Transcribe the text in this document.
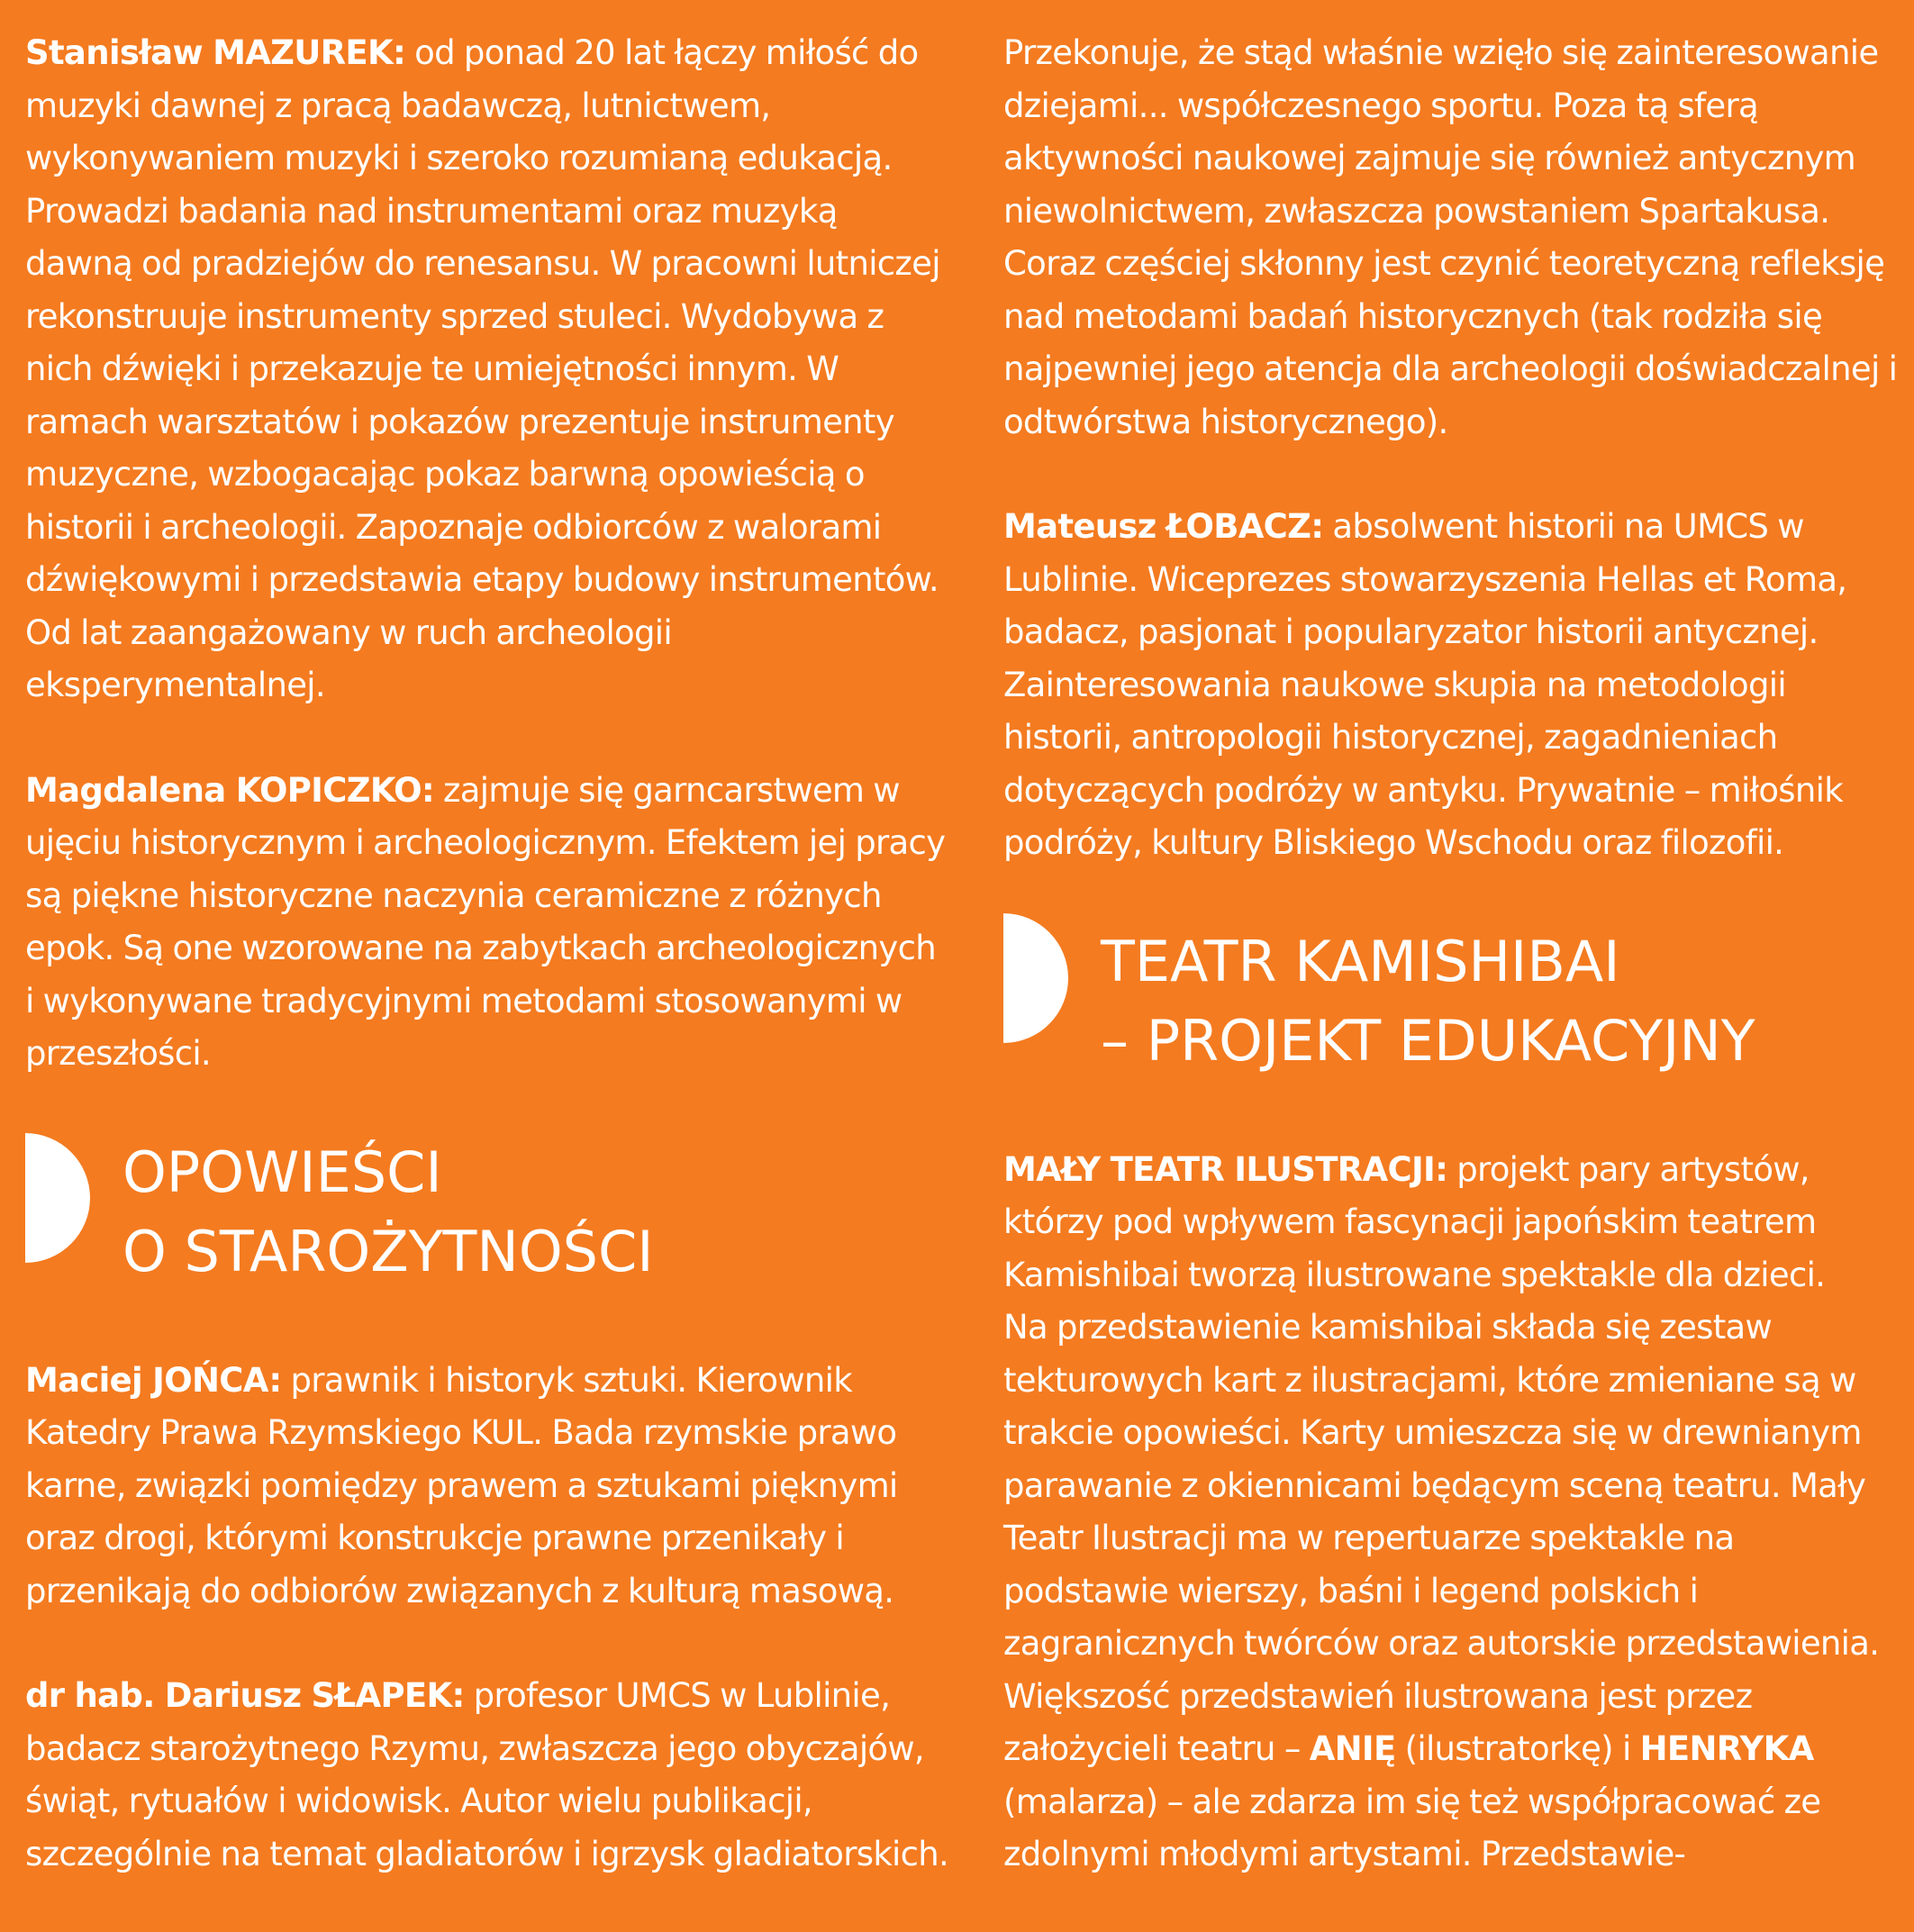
Stanisław MAZUREK: od ponad 20 lat łączy miłość do muzyki dawnej z pracą badawczą, lutnictwem, wykonywaniem muzyki i szeroko rozumianą edukacją. Prowadzi badania nad instrumentami oraz muzyką dawną od pradziejów do renesansu. W pracowni lutniczej rekonstruuje instrumenty sprzed stuleci. Wydobywa z nich dźwięki i przekazuje te umiejętności innym. W ramach warsztatów i pokazów prezentuje instrumenty muzyczne, wzbogacając pokaz barwną opowieścią o historii i archeologii. Zapoznaje odbiorców z walorami dźwiękowymi i przedstawia etapy budowy instrumentów. Od lat zaangażowany w ruch archeologii eksperymentalnej.

Magdalena KOPICZKO: zajmuje się garncarstwem w ujęciu historycznym i archeologicznym. Efektem jej pracy są piękne historyczne naczynia ceramiczne z różnych epok. Są one wzorowane na zabytkach archeologicznych i wykonywane tradycyjnymi metodami stosowanymi w przeszłości.

OPOWIEŚCI
O STAROŻYTNOŚCI

Maciej JOŃCA: prawnik i historyk sztuki. Kierownik Katedry Prawa Rzymskiego KUL. Bada rzymskie prawo karne, związki pomiędzy prawem a sztukami pięknymi oraz drogi, którymi konstrukcje prawne przenikały i przenikają do odbiorów związanych z kulturą masową.

dr hab. Dariusz SŁAPEK: profesor UMCS w Lublinie, badacz starożytnego Rzymu, zwłaszcza jego obyczajów, świąt, rytuałów i widowisk. Autor wielu publikacji, szczególnie na temat gladiatorów i igrzysk gladiatorskich.

Przekonuje, że stąd właśnie wzięło się zainteresowanie dziejami... współczesnego sportu. Poza tą sferą aktywności naukowej zajmuje się również antycznym niewolnictwem, zwłaszcza powstaniem Spartakusa. Coraz częściej skłonny jest czynić teoretyczną refleksję nad metodami badań historycznych (tak rodziła się najpewniej jego atencja dla archeologii doświadczalnej i odtwórstwa historycznego).

Mateusz ŁOBACZ: absolwent historii na UMCS w Lublinie. Wiceprezes stowarzyszenia Hellas et Roma, badacz, pasjonat i popularyzator historii antycznej. Zainteresowania naukowe skupia na metodologii historii, antropologii historycznej, zagadnieniach dotyczących podróży w antyku. Prywatnie – miłośnik podróży, kultury Bliskiego Wschodu oraz filozofii.

TEATR KAMISHIBAI
– PROJEKT EDUKACYJNY

MAŁY TEATR ILUSTRACJI: projekt pary artystów, którzy pod wpływem fascynacji japońskim teatrem Kamishibai tworzą ilustrowane spektakle dla dzieci.

Na przedstawienie kamishibai składa się zestaw tekturowych kart z ilustracjami, które zmieniane są w trakcie opowieści. Karty umieszcza się w drewnianym parawanie z okiennicami będącym sceną teatru. Mały Teatr Ilustracji ma w repertuarze spektakle na podstawie wierszy, baśni i legend polskich i zagranicznych twórców oraz autorskie przedstawienia. Większość przedstawień ilustrowana jest przez założycieli teatru – ANIĘ (ilustratorkę) i HENRYKA (malarza) – ale zdarza im się też współpracować ze zdolnymi młodymi artystami. Przedstawie-
